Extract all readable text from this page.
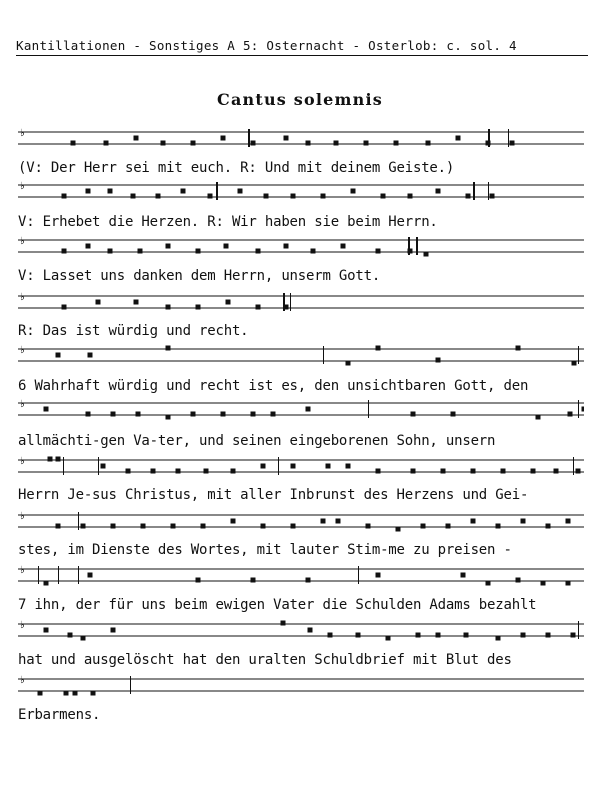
Kantillationen - Sonstiges A 5: Osternacht - Osterlob: c. sol. 4
Cantus solemnis
♭
(V: Der Herr sei mit euch. R: Und mit deinem Geiste.)
♭
V: Erhebet die Herzen. R: Wir haben sie beim Herrn.
♭
V: Lasset uns danken dem Herrn, unserm Gott.
♭
R: Das ist würdig und recht.
♭
6 Wahrhaft würdig und recht ist es, den unsichtbaren Gott, den
♭
allmächti-gen Va-ter, und seinen eingeborenen Sohn, unsern
♭
Herrn Je-sus Christus, mit aller Inbrunst des Herzens und Gei-
♭
stes, im Dienste des Wortes, mit lauter Stim-me zu preisen -
♭
7 ihn, der für uns beim ewigen Vater die Schulden Adams bezahlt
♭
hat und ausgelöscht hat den uralten Schuldbrief mit Blut des
♭
Erbarmens.
